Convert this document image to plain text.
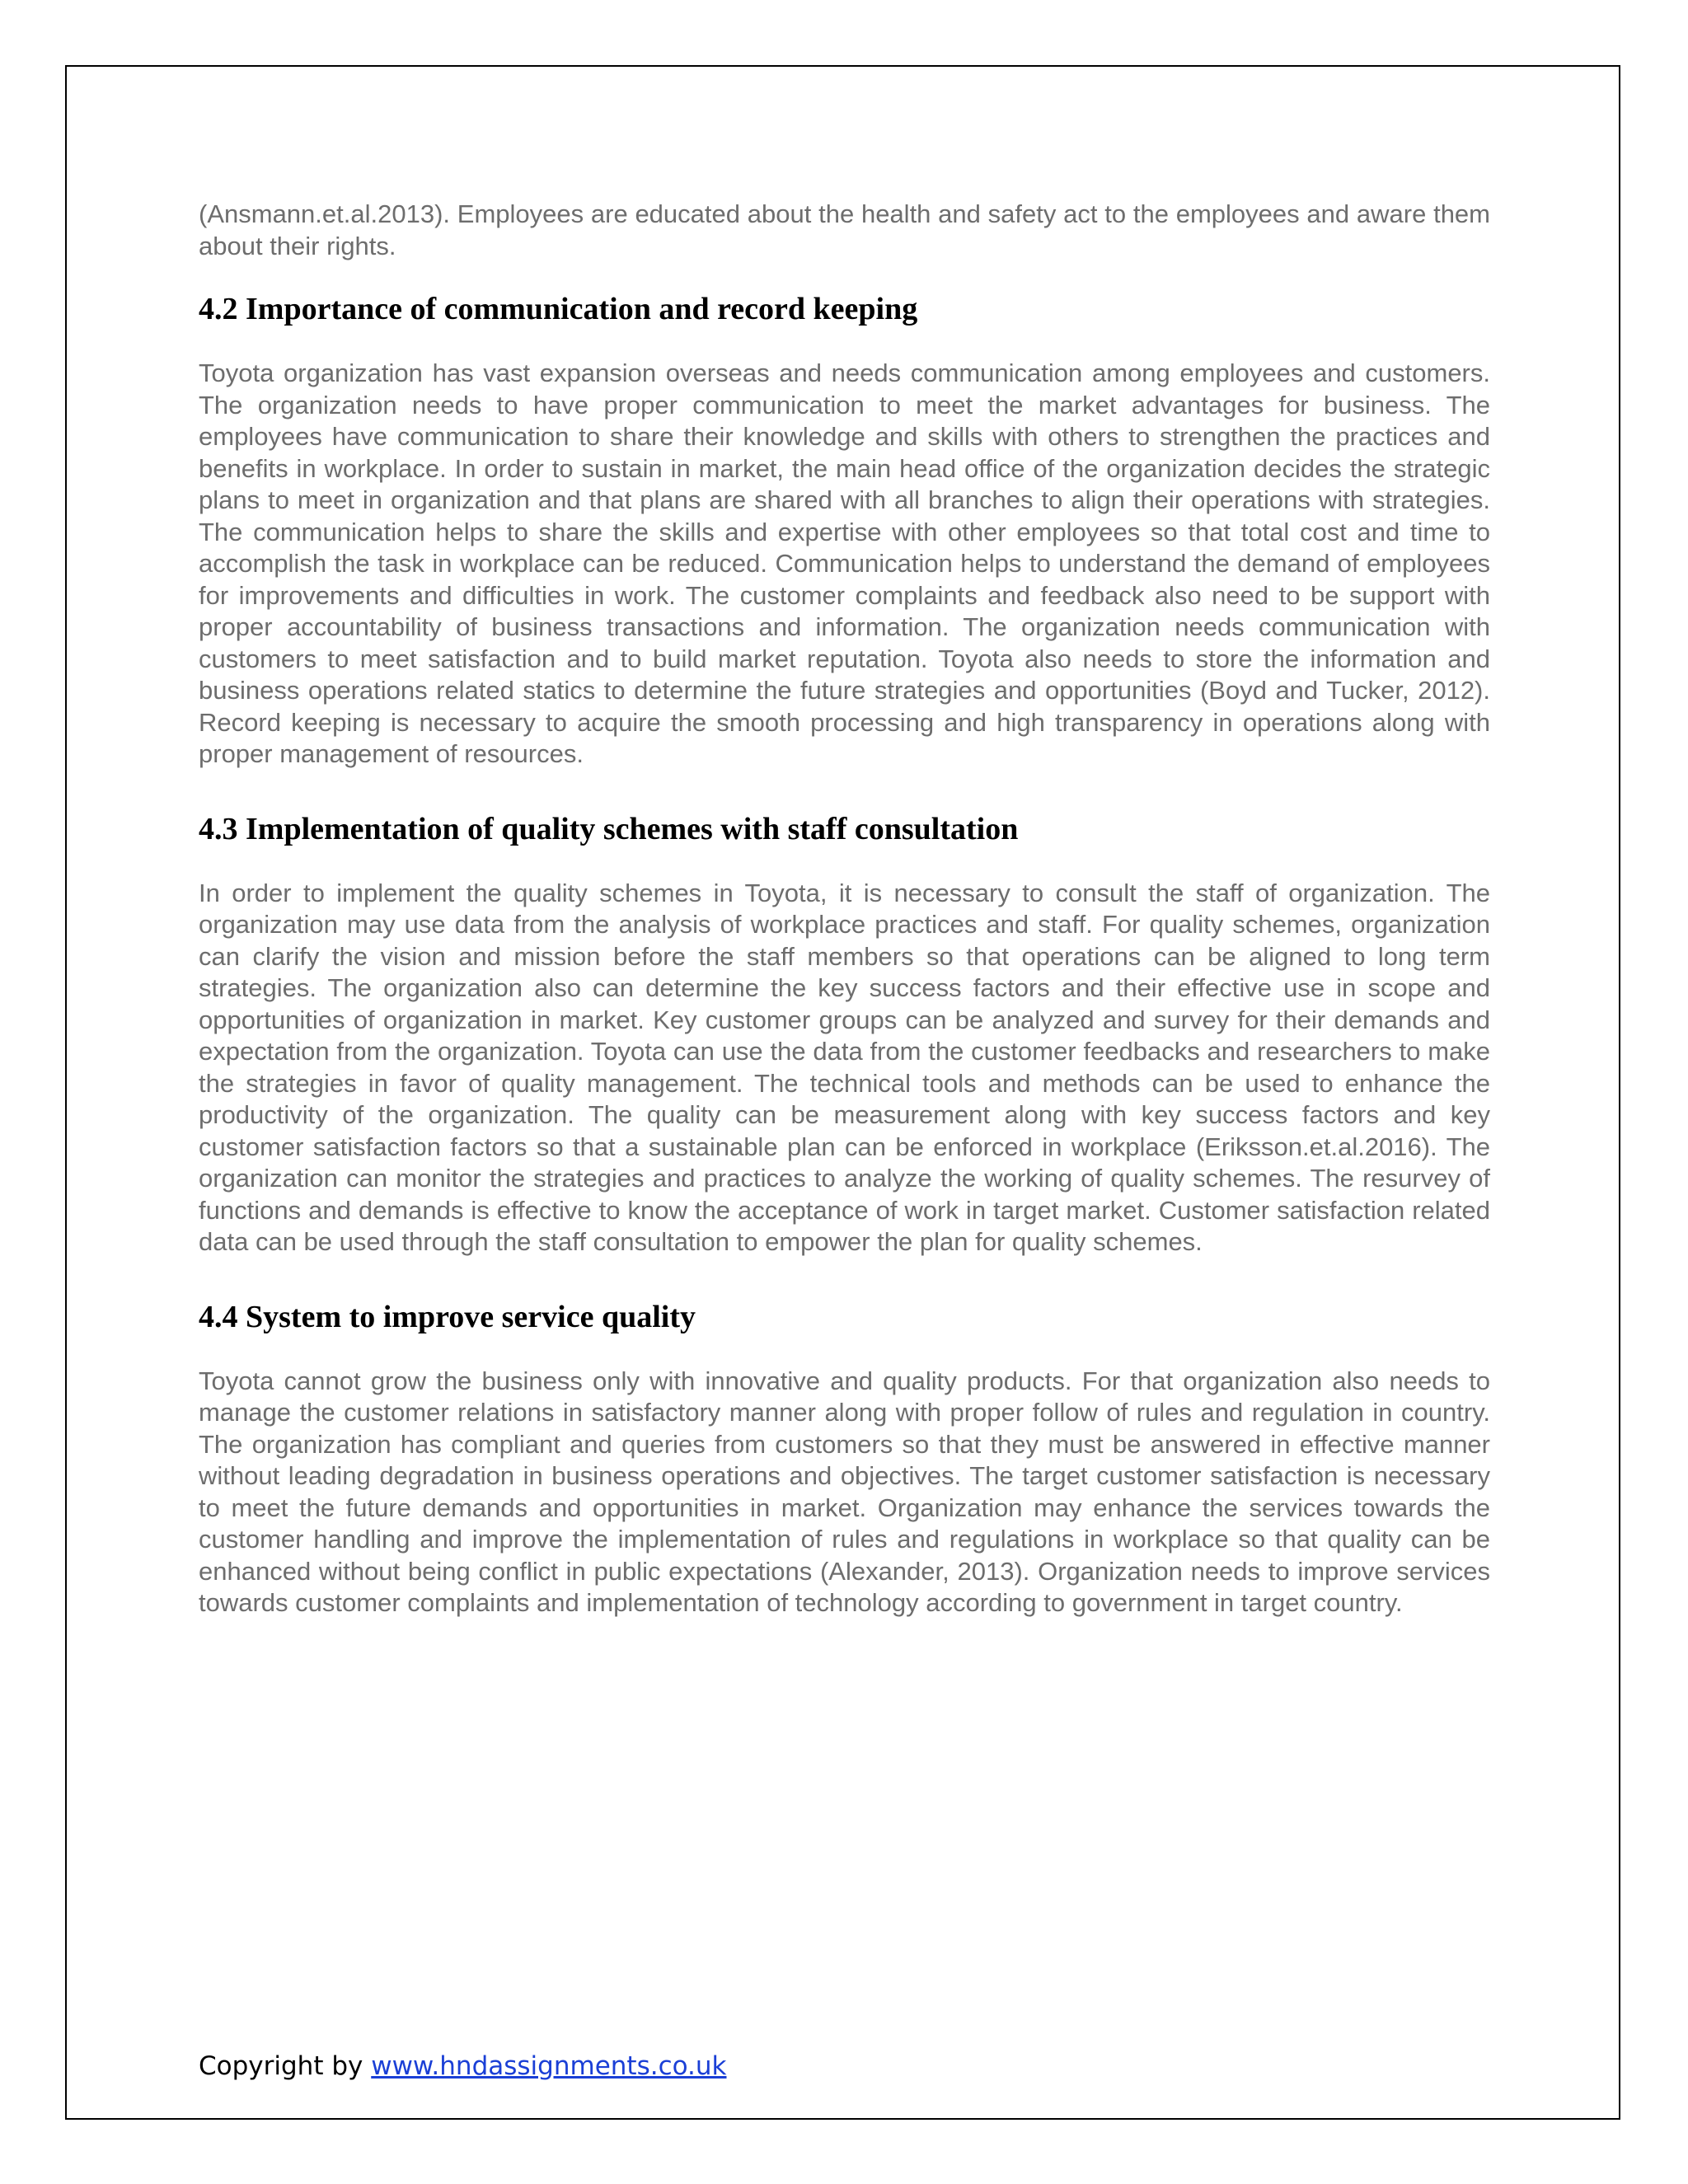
(Ansmann.et.al.2013). Employees are educated about the health and safety act to the employees and aware them about their rights.

4.2 Importance of communication and record keeping

Toyota organization has vast expansion overseas and needs communication among employees and customers. The organization needs to have proper communication to meet the market advantages for business. The employees have communication to share their knowledge and skills with others to strengthen the practices and benefits in workplace. In order to sustain in market, the main head office of the organization decides the strategic plans to meet in organization and that plans are shared with all branches to align their operations with strategies. The communication helps to share the skills and expertise with other employees so that total cost and time to accomplish the task in workplace can be reduced. Communication helps to understand the demand of employees for improvements and difficulties in work. The customer complaints and feedback also need to be support with proper accountability of business transactions and information. The organization needs communication with customers to meet satisfaction and to build market reputation. Toyota also needs to store the information and business operations related statics to determine the future strategies and opportunities (Boyd and Tucker, 2012). Record keeping is necessary to acquire the smooth processing and high transparency in operations along with proper management of resources.

4.3 Implementation of quality schemes with staff consultation

In order to implement the quality schemes in Toyota, it is necessary to consult the staff of organization. The organization may use data from the analysis of workplace practices and staff. For quality schemes, organization can clarify the vision and mission before the staff members so that operations can be aligned to long term strategies. The organization also can determine the key success factors and their effective use in scope and opportunities of organization in market. Key customer groups can be analyzed and survey for their demands and expectation from the organization. Toyota can use the data from the customer feedbacks and researchers to make the strategies in favor of quality management. The technical tools and methods can be used to enhance the productivity of the organization. The quality can be measurement along with key success factors and key customer satisfaction factors so that a sustainable plan can be enforced in workplace (Eriksson.et.al.2016). The organization can monitor the strategies and practices to analyze the working of quality schemes. The resurvey of functions and demands is effective to know the acceptance of work in target market. Customer satisfaction related data can be used through the staff consultation to empower the plan for quality schemes.

4.4 System to improve service quality

Toyota cannot grow the business only with innovative and quality products. For that organization also needs to manage the customer relations in satisfactory manner along with proper follow of rules and regulation in country. The organization has compliant and queries from customers so that they must be answered in effective manner without leading degradation in business operations and objectives. The target customer satisfaction is necessary to meet the future demands and opportunities in market. Organization may enhance the services towards the customer handling and improve the implementation of rules and regulations in workplace so that quality can be enhanced without being conflict in public expectations (Alexander, 2013). Organization needs to improve services towards customer complaints and implementation of technology according to government in target country.

Copyright by www.hndassignments.co.uk
